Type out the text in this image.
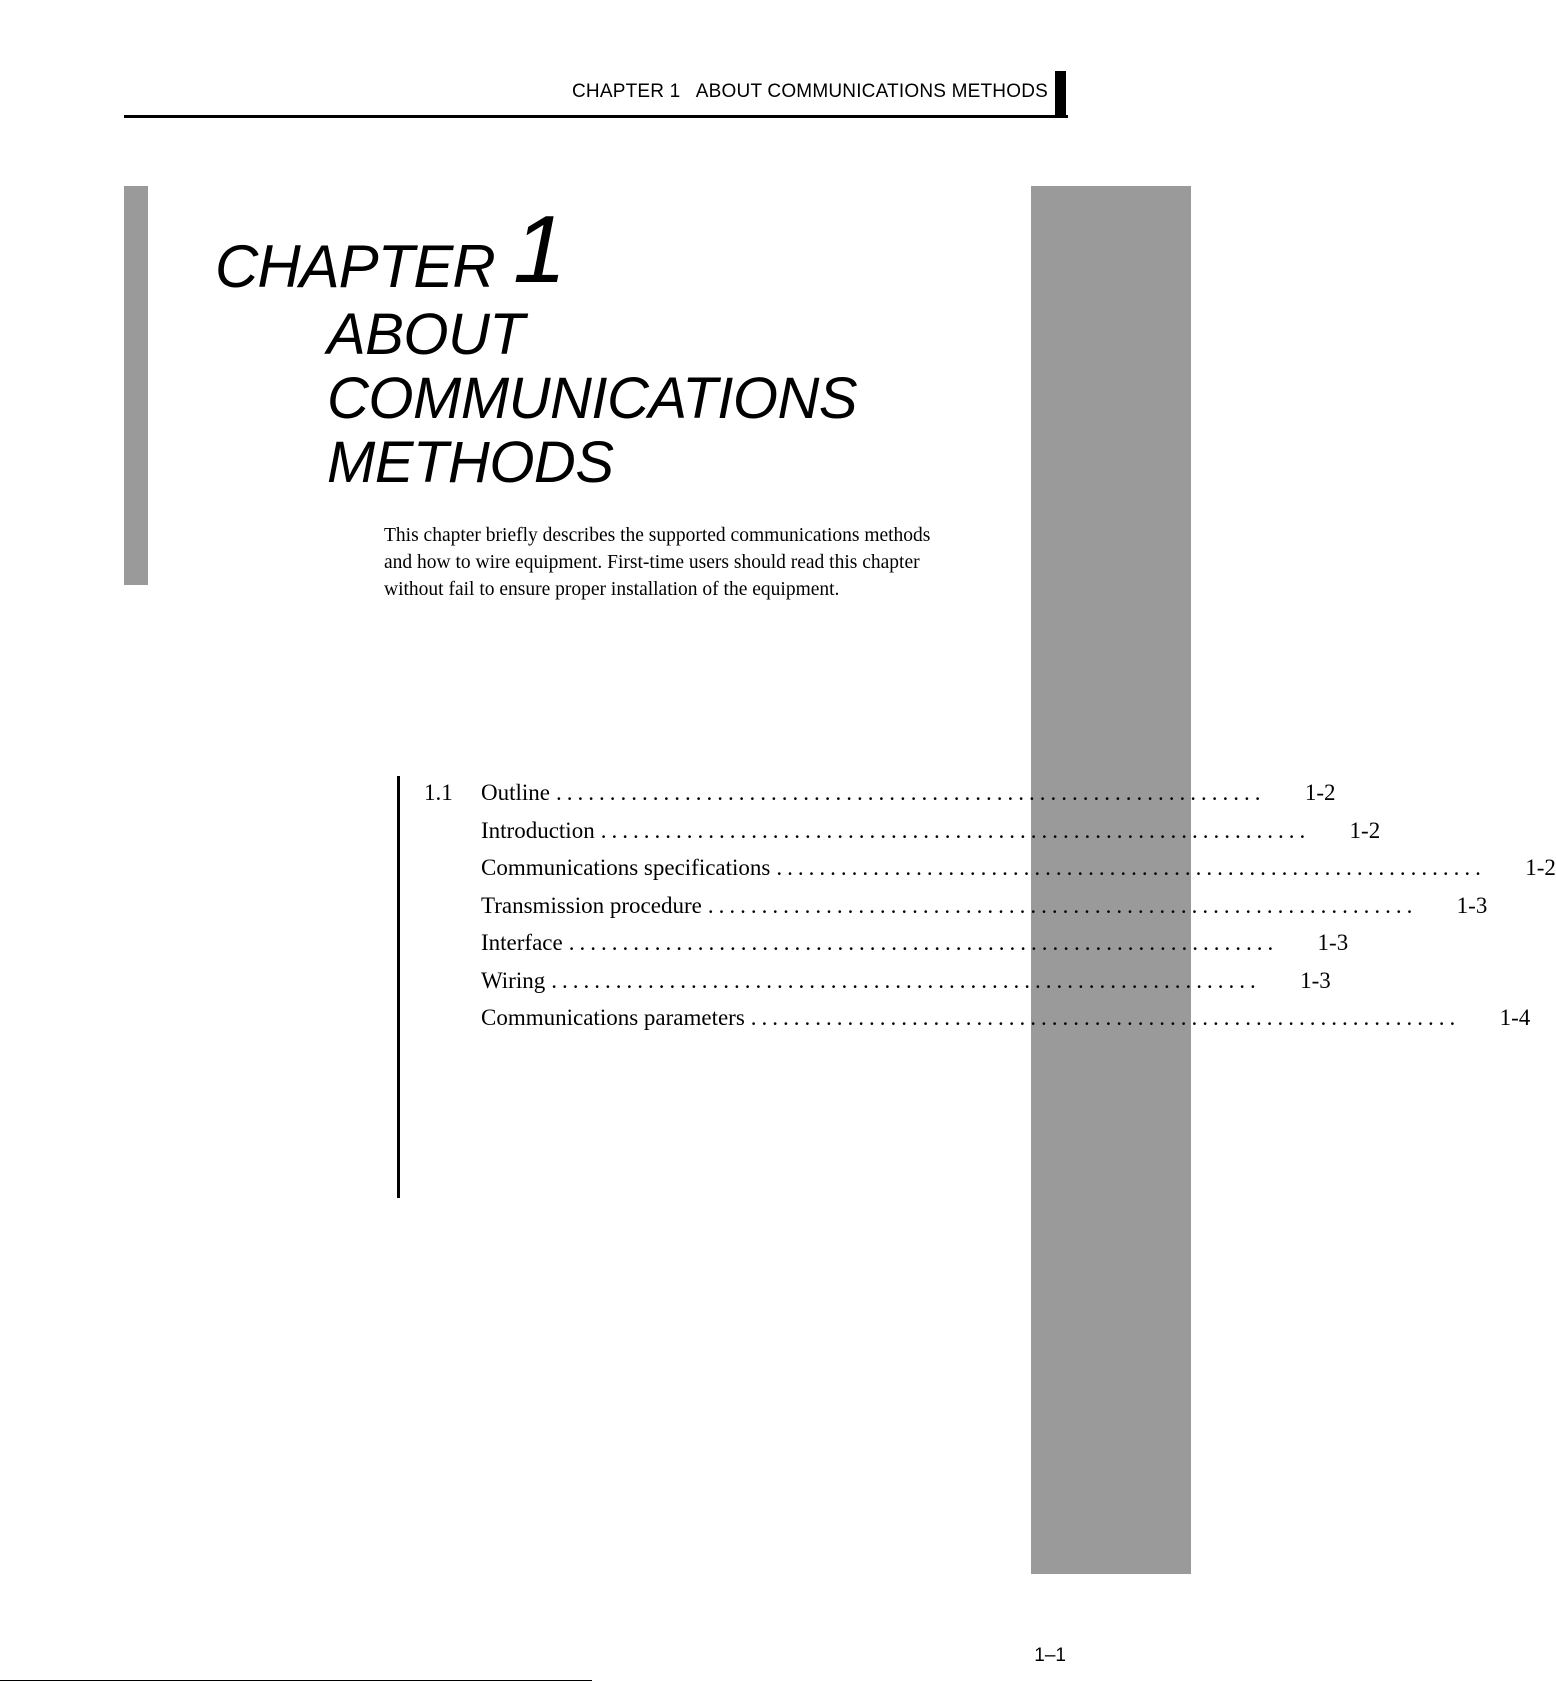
CHAPTER 1   ABOUT COMMUNICATIONS METHODS
CHAPTER 1
ABOUT
COMMUNICATIONS
METHODS
This chapter briefly describes the supported communications methods
and how to wire equipment. First-time users should read this chapter
without fail to ensure proper installation of the equipment.
1.1	Outline ..................................................................	1-2
Introduction ..................................................................	1-2
Communications specifications ..................................................................	1-2
Transmission procedure ..................................................................	1-3
Interface ..................................................................	1-3
Wiring ..................................................................	1-3
Communications parameters ..................................................................	1-4
1–1
